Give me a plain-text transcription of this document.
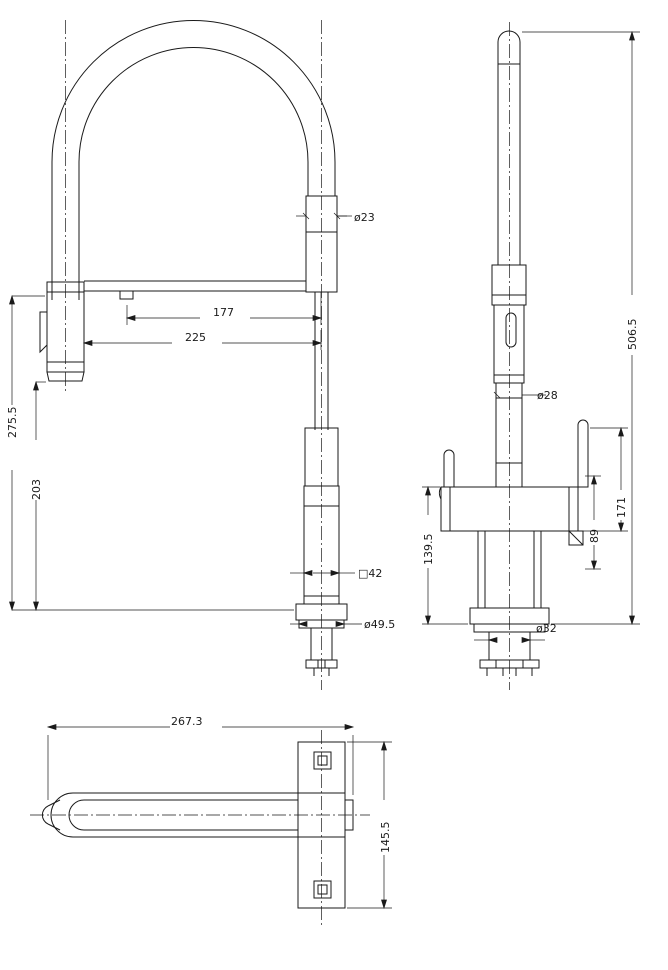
ø23
177
225
275.5
203
□42
ø49.5
506.5
ø28
171
89
139.5
ø32
267.3
145.5
